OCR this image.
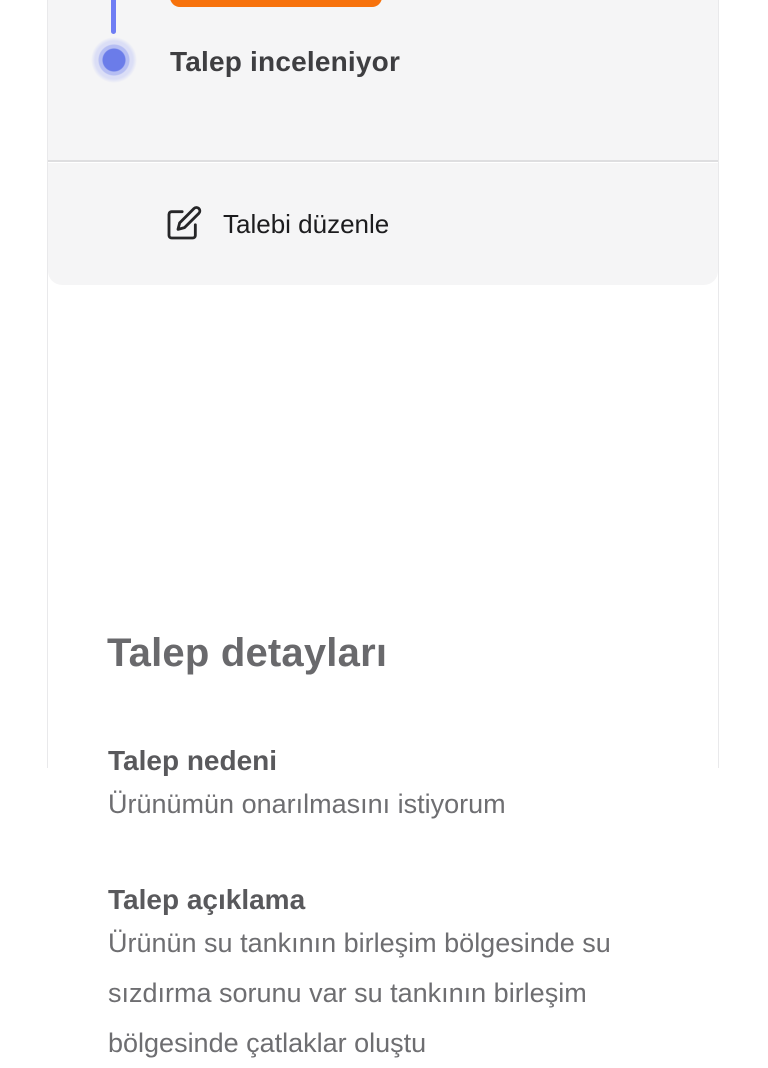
Talep inceleniyor
Talebi düzenle
Talep detayları
Talep nedeni
Ürünümün onarılmasını istiyorum
Talep açıklama
Ürünün su tankının birleşim bölgesinde su
sızdırma sorunu var su tankının birleşim
bölgesinde çatlaklar oluştu
